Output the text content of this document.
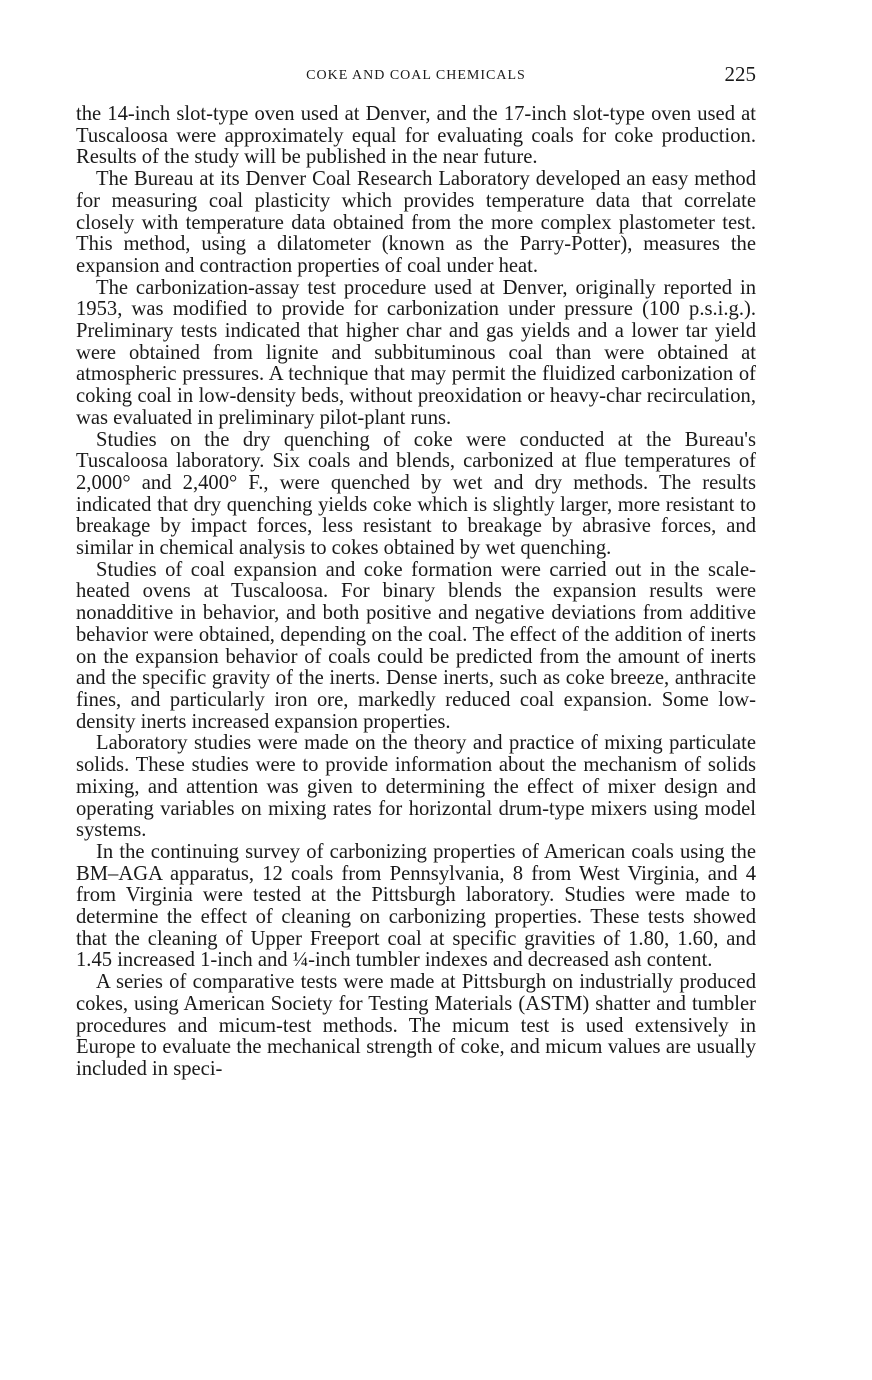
COKE AND COAL CHEMICALS	225

the 14-inch slot-type oven used at Denver, and the 17-inch slot-type oven used at Tuscaloosa were approximately equal for evaluating coals for coke production. Results of the study will be published in the near future.

The Bureau at its Denver Coal Research Laboratory developed an easy method for measuring coal plasticity which provides temperature data that correlate closely with temperature data obtained from the more complex plastometer test. This method, using a dilatometer (known as the Parry-Potter), measures the expansion and contraction properties of coal under heat.

The carbonization-assay test procedure used at Denver, originally reported in 1953, was modified to provide for carbonization under pressure (100 p.s.i.g.). Preliminary tests indicated that higher char and gas yields and a lower tar yield were obtained from lignite and subbituminous coal than were obtained at atmospheric pressures. A technique that may permit the fluidized carbonization of coking coal in low-density beds, without preoxidation or heavy-char recirculation, was evaluated in preliminary pilot-plant runs.

Studies on the dry quenching of coke were conducted at the Bureau's Tuscaloosa laboratory. Six coals and blends, carbonized at flue temperatures of 2,000° and 2,400° F., were quenched by wet and dry methods. The results indicated that dry quenching yields coke which is slightly larger, more resistant to breakage by impact forces, less resistant to breakage by abrasive forces, and similar in chemical analysis to cokes obtained by wet quenching.

Studies of coal expansion and coke formation were carried out in the scale-heated ovens at Tuscaloosa. For binary blends the expansion results were nonadditive in behavior, and both positive and negative deviations from additive behavior were obtained, depending on the coal. The effect of the addition of inerts on the expansion behavior of coals could be predicted from the amount of inerts and the specific gravity of the inerts. Dense inerts, such as coke breeze, anthracite fines, and particularly iron ore, markedly reduced coal expansion. Some low-density inerts increased expansion properties.

Laboratory studies were made on the theory and practice of mixing particulate solids. These studies were to provide information about the mechanism of solids mixing, and attention was given to determining the effect of mixer design and operating variables on mixing rates for horizontal drum-type mixers using model systems.

In the continuing survey of carbonizing properties of American coals using the BM–AGA apparatus, 12 coals from Pennsylvania, 8 from West Virginia, and 4 from Virginia were tested at the Pittsburgh laboratory. Studies were made to determine the effect of cleaning on carbonizing properties. These tests showed that the cleaning of Upper Freeport coal at specific gravities of 1.80, 1.60, and 1.45 increased 1-inch and ¼-inch tumbler indexes and decreased ash content.

A series of comparative tests were made at Pittsburgh on industrially produced cokes, using American Society for Testing Materials (ASTM) shatter and tumbler procedures and micum-test methods. The micum test is used extensively in Europe to evaluate the mechanical strength of coke, and micum values are usually included in speci-
